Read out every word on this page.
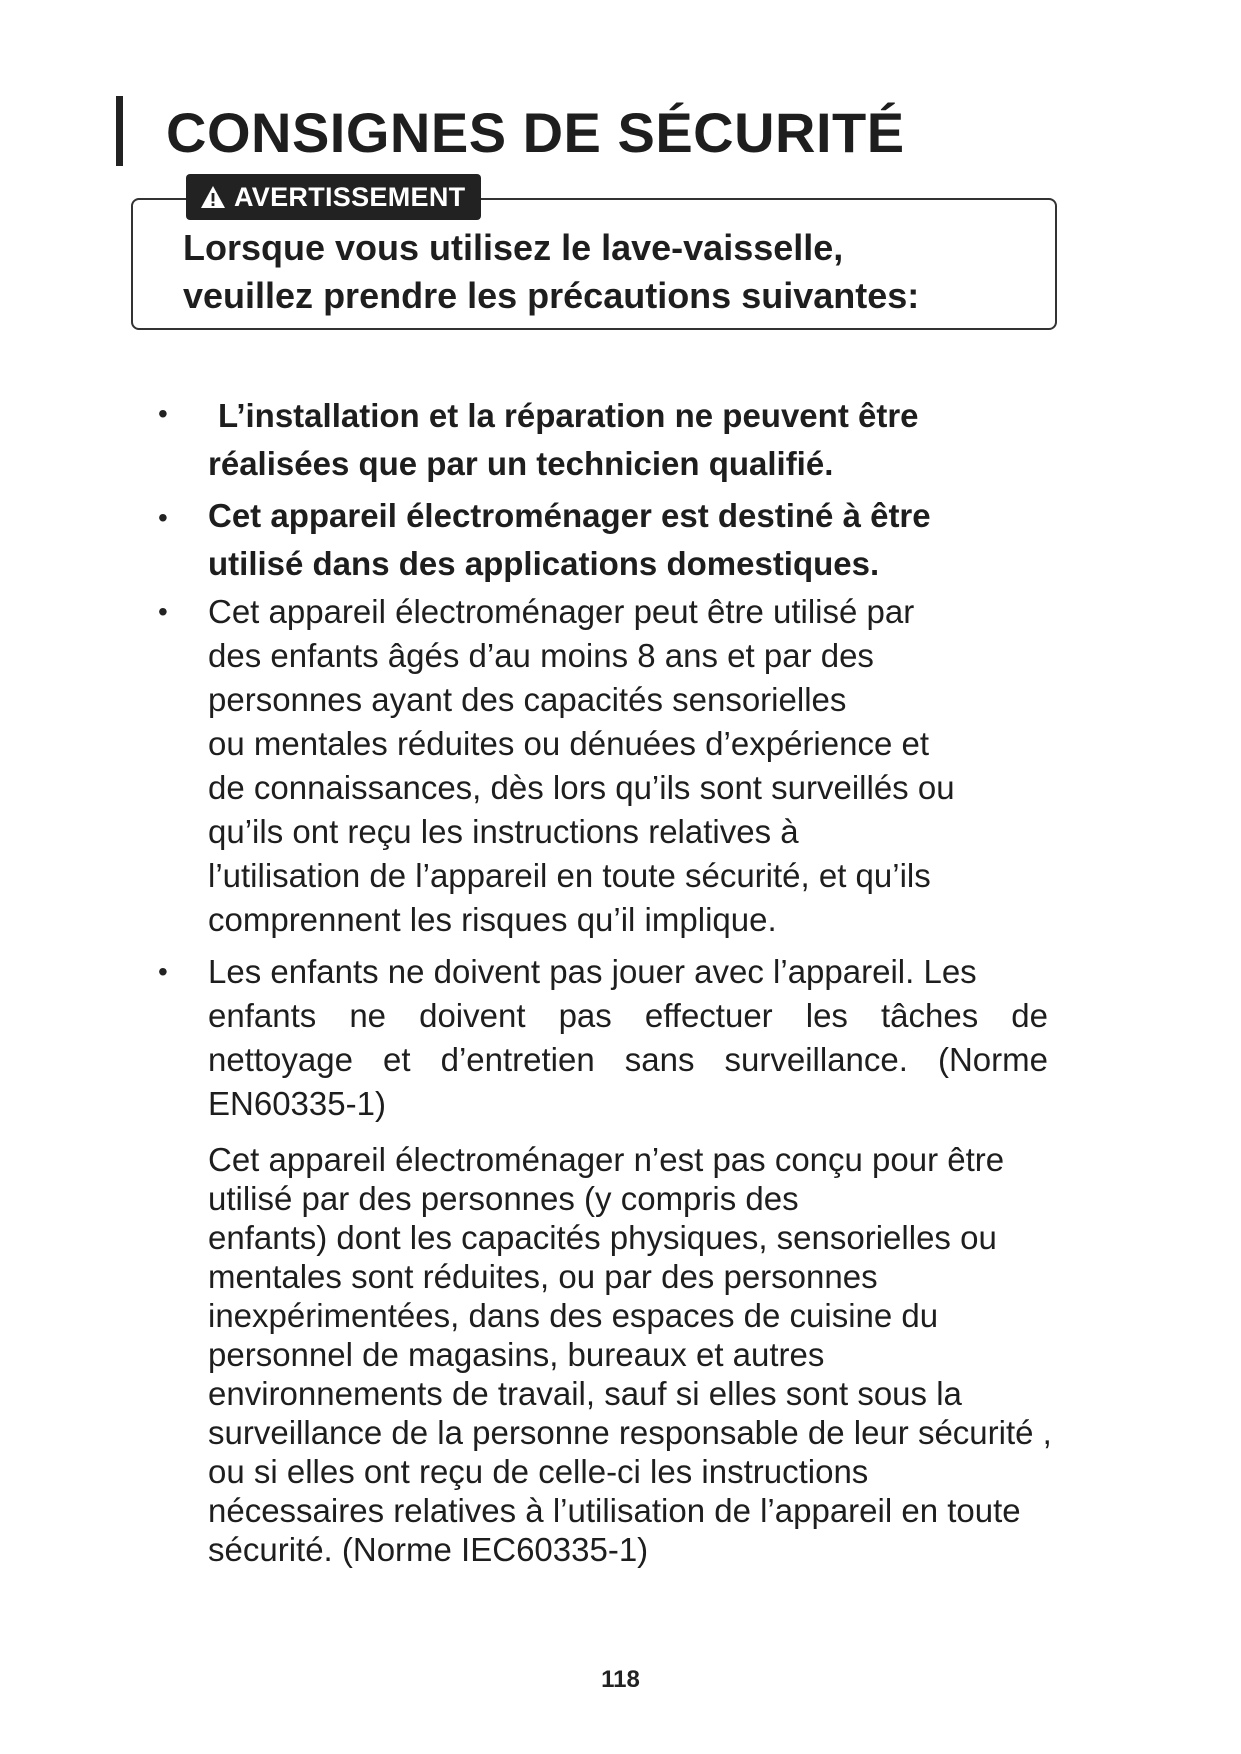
CONSIGNES DE SÉCURITÉ
AVERTISSEMENT
Lorsque vous utilisez le lave-vaisselle,
veuillez prendre les précautions suivantes:
•	L’installation et la réparation ne peuvent être
réalisées que par un technicien qualifié.
• Cet appareil électroménager est destiné à être
utilisé dans des applications domestiques.
• Cet appareil électroménager peut être utilisé par
des enfants âgés d’au moins 8 ans et par des
personnes ayant des capacités sensorielles
ou mentales réduites ou dénuées d’expérience et
de connaissances, dès lors qu’ils sont surveillés ou
qu’ils ont reçu les instructions relatives à
l’utilisation de l’appareil en toute sécurité, et qu’ils
comprennent les risques qu’il implique.
• Les enfants ne doivent pas jouer avec l’appareil. Les
enfants ne doivent pas effectuer les tâches de
nettoyage et d’entretien sans surveillance. (Norme
EN60335-1)
Cet appareil électroménager n’est pas conçu pour être
utilisé par des personnes (y compris des
enfants) dont les capacités physiques, sensorielles ou
mentales sont réduites, ou par des personnes
inexpérimentées, dans des espaces de cuisine du
personnel de magasins, bureaux et autres
environnements de travail, sauf si elles sont sous la
surveillance de la personne responsable de leur sécurité ,
ou si elles ont reçu de celle-ci les instructions
nécessaires relatives à l’utilisation de l’appareil en toute
sécurité. (Norme IEC60335-1)
118
